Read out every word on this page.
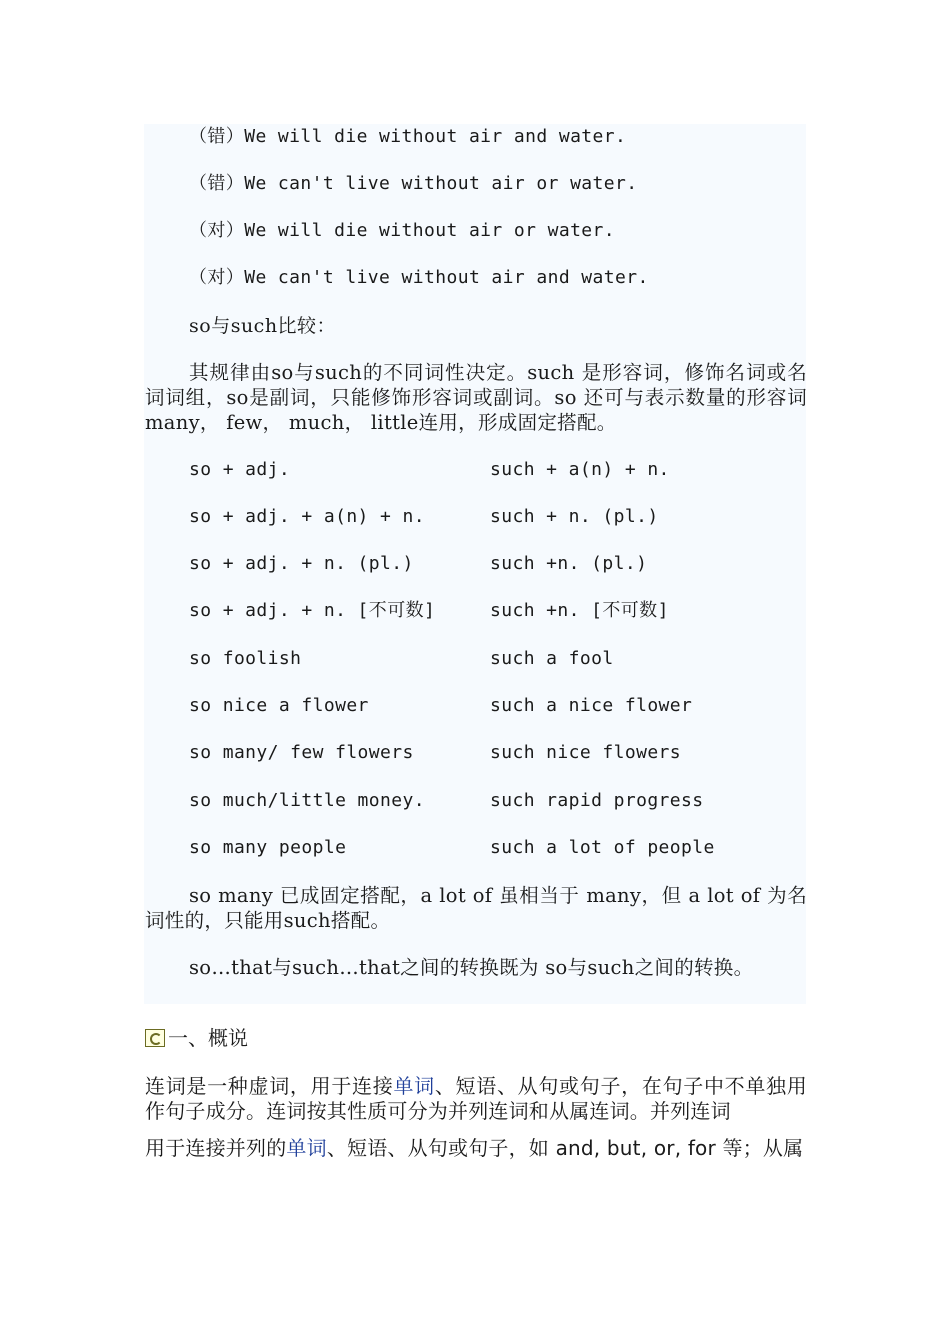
（错）We will die without air and water.
（错）We can't live without air or water.
（对）We will die without air or water.
（对）We can't live without air and water.
so与such比较：
其规律由so与such的不同词性决定。such 是形容词，修饰名词或名词词组，so是副词，只能修饰形容词或副词。so 还可与表示数量的形容词many， few， much， little连用，形成固定搭配。
so + adj.	such + a(n) + n.
so + adj. + a(n) + n.	such + n. (pl.)
so + adj. + n. (pl.)	such +n. (pl.)
so + adj. + n. [不可数]	such +n. [不可数]
so foolish	such a fool
so nice a flower	such a nice flower
so many/ few flowers	such nice flowers
so much/little money.	such rapid progress
so many people	such a lot of people
so many 已成固定搭配，a lot of 虽相当于 many，但 a lot of 为名词性的，只能用such搭配。
so…that与such…that之间的转换既为 so与such之间的转换。
一、概说
连词是一种虚词，用于连接单词、短语、从句或句子，在句子中不单独用作句子成分。连词按其性质可分为并列连词和从属连词。并列连词
用于连接并列的单词、短语、从句或句子，如 and, but, or, for 等；从属
